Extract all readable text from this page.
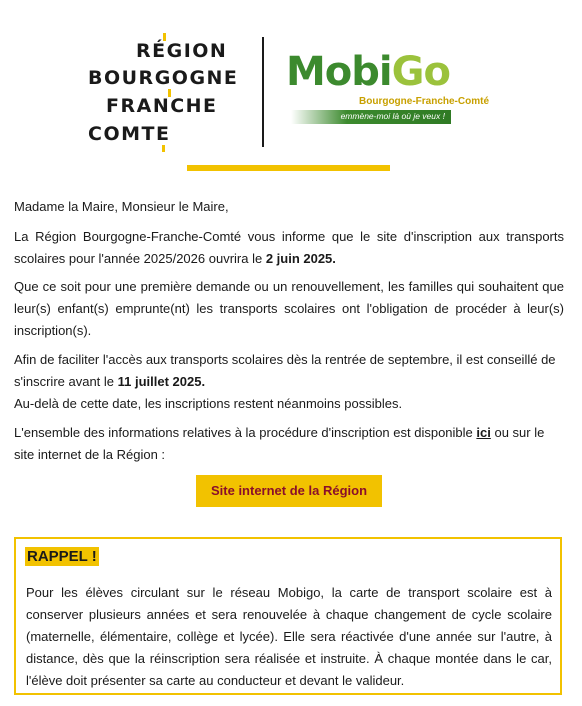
RÉGION
BOURGOGNE
FRANCHE
COMTE
MobiGo
Bourgogne-Franche-Comté
emmène-moi là où je veux !

Madame la Maire, Monsieur le Maire,

La Région Bourgogne-Franche-Comté vous informe que le site d'inscription aux transports scolaires pour l'année 2025/2026 ouvrira le 2 juin 2025.

Que ce soit pour une première demande ou un renouvellement, les familles qui souhaitent que leur(s) enfant(s) emprunte(nt) les transports scolaires ont l'obligation de procéder à leur(s) inscription(s).

Afin de faciliter l'accès aux transports scolaires dès la rentrée de septembre, il est conseillé de s'inscrire avant le 11 juillet 2025.
Au-delà de cette date, les inscriptions restent néanmoins possibles.

L'ensemble des informations relatives à la procédure d'inscription est disponible ici ou sur le site internet de la Région :

Site internet de la Région
RAPPEL !

Pour les élèves circulant sur le réseau Mobigo, la carte de transport scolaire est à conserver plusieurs années et sera renouvelée à chaque changement de cycle scolaire (maternelle, élémentaire, collège et lycée). Elle sera réactivée d'une année sur l'autre, à distance, dès que la réinscription sera réalisée et instruite. À chaque montée dans le car, l'élève doit présenter sa carte au conducteur et devant le valideur.
